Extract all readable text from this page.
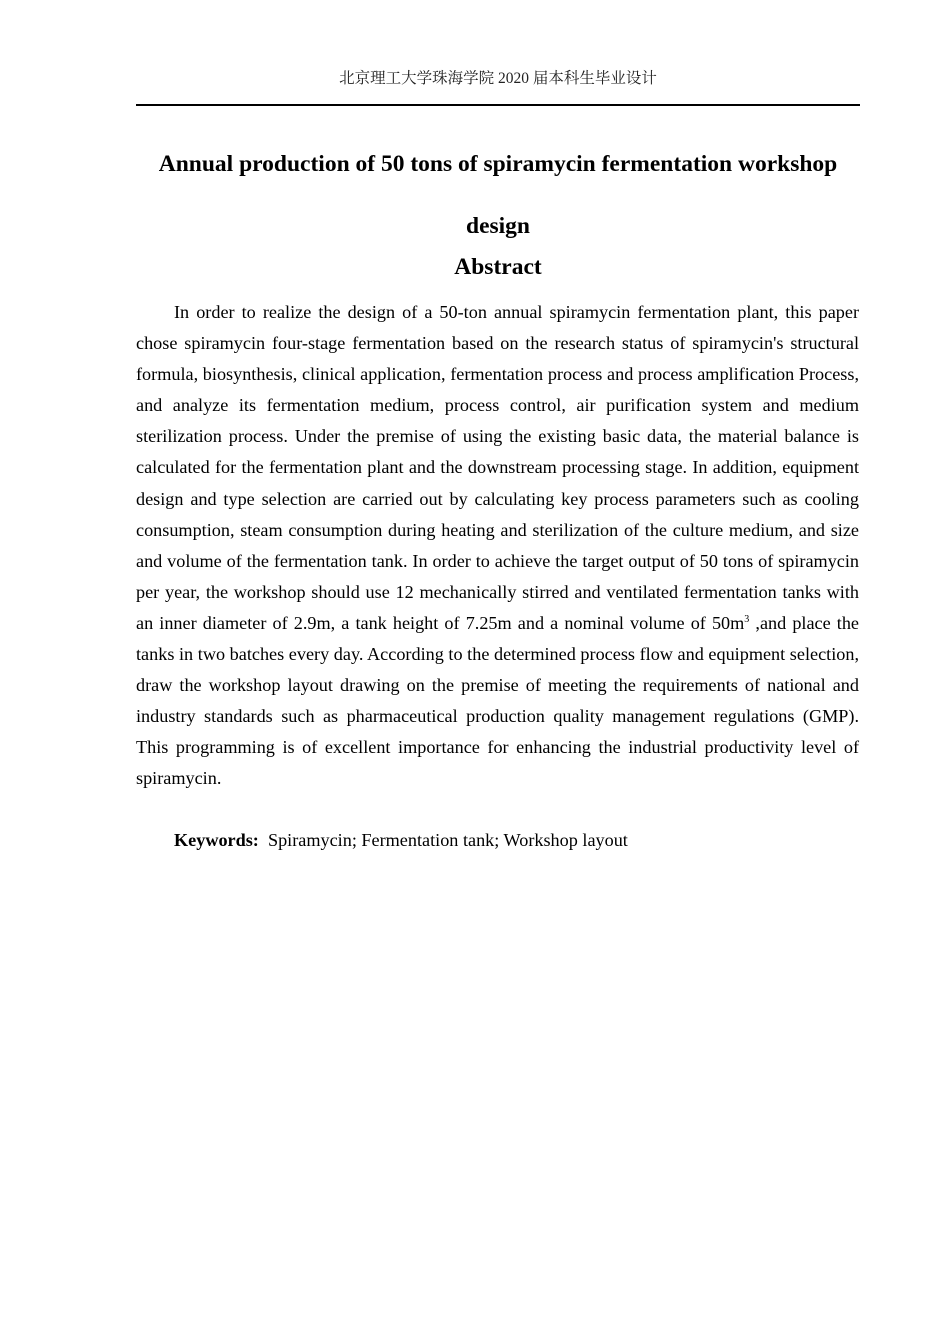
北京理工大学珠海学院 2020 届本科生毕业设计
Annual production of 50 tons of spiramycin fermentation workshop
design
Abstract

In order to realize the design of a 50-ton annual spiramycin fermentation plant, this paper chose spiramycin four-stage fermentation based on the research status of spiramycin's structural formula, biosynthesis, clinical application, fermentation process and process amplification Process, and analyze its fermentation medium, process control, air purification system and medium sterilization process. Under the premise of using the existing basic data, the material balance is calculated for the fermentation plant and the downstream processing stage. In addition, equipment design and type selection are carried out by calculating key process parameters such as cooling consumption, steam consumption during heating and sterilization of the culture medium, and size and volume of the fermentation tank. In order to achieve the target output of 50 tons of spiramycin per year, the workshop should use 12 mechanically stirred and ventilated fermentation tanks with an inner diameter of 2.9m, a tank height of 7.25m and a nominal volume of $50m^3$ ,and place the tanks in two batches every day. According to the determined process flow and equipment selection, draw the workshop layout drawing on the premise of meeting the requirements of national and industry standards such as pharmaceutical production quality management regulations (GMP). This programming is of excellent importance for enhancing the industrial productivity level of spiramycin.

Keywords: Spiramycin; Fermentation tank; Workshop layout
